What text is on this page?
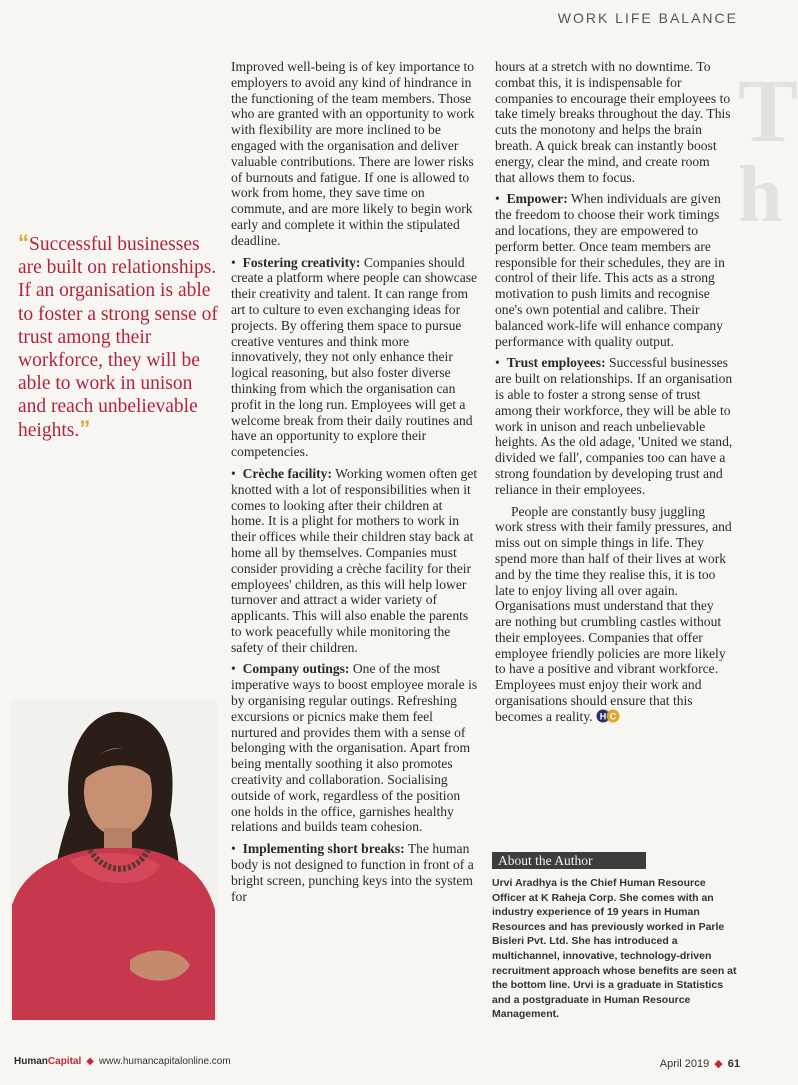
T
h
WORK LIFE BALANCE

“Successful businesses are built on relationships. If an organisation is able to foster a strong sense of trust among their workforce, they will be able to work in unison and reach unbelievable heights.”

Improved well-being is of key importance to employers to avoid any kind of hindrance in the functioning of the team members. Those who are granted with an opportunity to work with flexibility are more inclined to be engaged with the organisation and deliver valuable contributions. There are lower risks of burnouts and fatigue. If one is allowed to work from home, they save time on commute, and are more likely to begin work early and complete it within the stipulated deadline.

•  Fostering creativity: Companies should create a platform where people can showcase their creativity and talent. It can range from art to culture to even exchanging ideas for projects. By offering them space to pursue creative ventures and think more innovatively, they not only enhance their logical reasoning, but also foster diverse thinking from which the organisation can profit in the long run. Employees will get a welcome break from their daily routines and have an opportunity to explore their competencies.

•  Crèche facility: Working women often get knotted with a lot of responsibilities when it comes to looking after their children at home. It is a plight for mothers to work in their offices while their children stay back at home all by themselves. Companies must consider providing a crèche facility for their employees' children, as this will help lower turnover and attract a wider variety of applicants. This will also enable the parents to work peacefully while monitoring the safety of their children.

•  Company outings: One of the most imperative ways to boost employee morale is by organising regular outings. Refreshing excursions or picnics make them feel nurtured and provides them with a sense of belonging with the organisation. Apart from being mentally soothing it also promotes creativity and collaboration. Socialising outside of work, regardless of the position one holds in the office, garnishes healthy relations and builds team cohesion.

•  Implementing short breaks: The human body is not designed to function in front of a bright screen, punching keys into the system for

hours at a stretch with no downtime. To combat this, it is indispensable for companies to encourage their employees to take timely breaks throughout the day. This cuts the monotony and helps the brain breath. A quick break can instantly boost energy, clear the mind, and create room that allows them to focus.

•  Empower: When individuals are given the freedom to choose their work timings and locations, they are empowered to perform better. Once team members are responsible for their schedules, they are in control of their life. This acts as a strong motivation to push limits and recognise one's own potential and calibre. Their balanced work-life will enhance company performance with quality output.

•  Trust employees: Successful businesses are built on relationships. If an organisation is able to foster a strong sense of trust among their workforce, they will be able to work in unison and reach unbelievable heights. As the old adage, 'United we stand, divided we fall', companies too can have a strong foundation by developing trust and reliance in their employees.

People are constantly busy juggling work stress with their family pressures, and miss out on simple things in life. They spend more than half of their lives at work and by the time they realise this, it is too late to enjoy living all over again. Organisations must understand that they are nothing but crumbling castles without their employees. Companies that offer employee friendly policies are more likely to have a positive and vibrant workforce. Employees must enjoy their work and organisations should ensure that this becomes a reality. H C

About the Author
Urvi Aradhya is the Chief Human Resource Officer at K Raheja Corp. She comes with an industry experience of 19 years in Human Resources and has previously worked in Parle Bisleri Pvt. Ltd. She has introduced a multichannel, innovative, technology-driven recruitment approach whose benefits are seen at the bottom line. Urvi is a graduate in Statistics and a postgraduate in Human Resource Management.
HumanCapital ◆ www.humancapitalonline.com	April 2019 ◆ 61
